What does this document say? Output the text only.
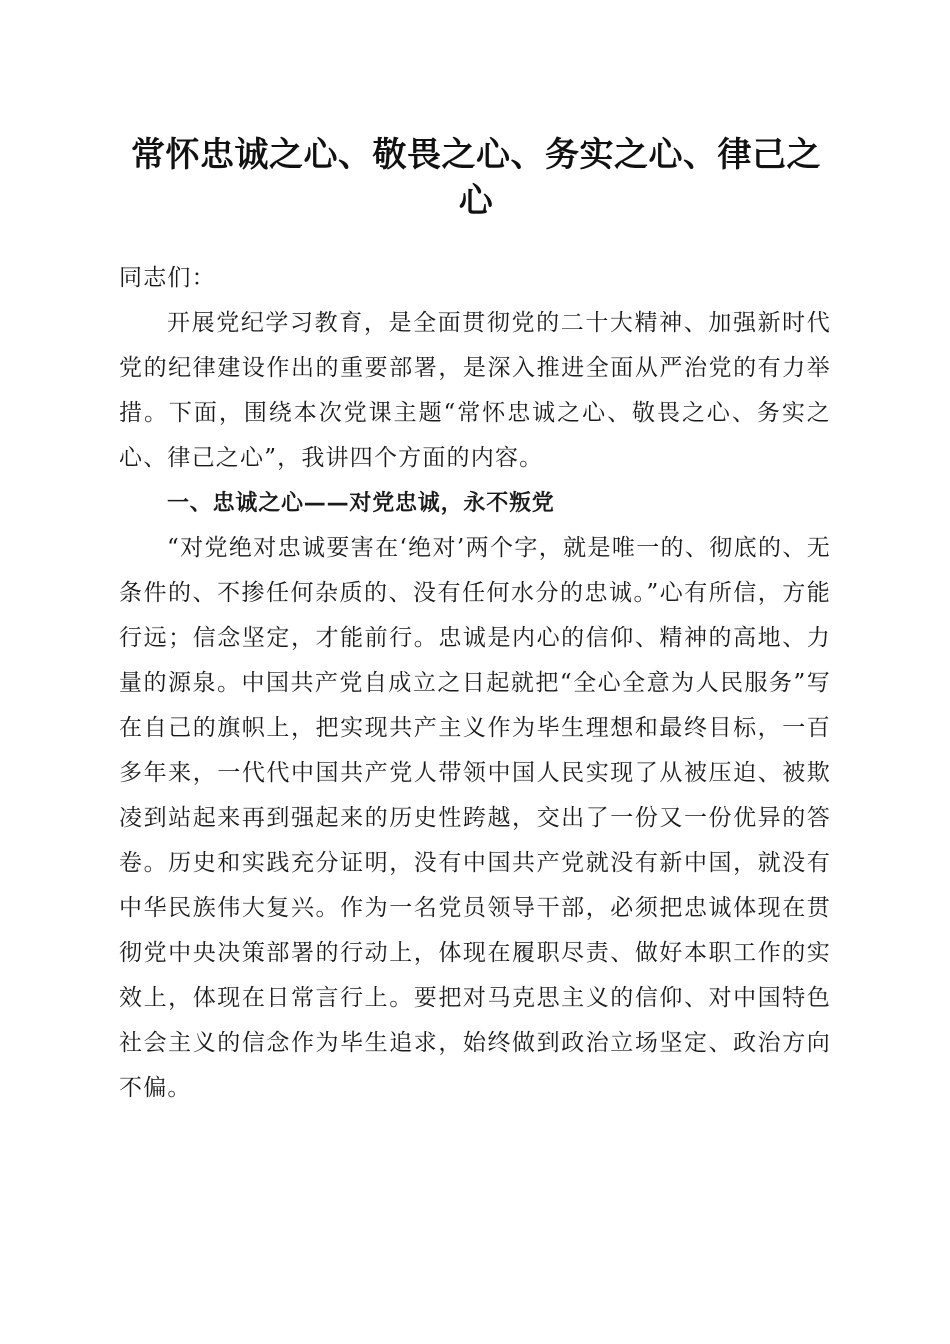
常怀忠诚之心、敬畏之心、务实之心、律己之心

同志们：

开展党纪学习教育，是全面贯彻党的二十大精神、加强新时代党的纪律建设作出的重要部署，是深入推进全面从严治党的有力举措。下面，围绕本次党课主题“常怀忠诚之心、敬畏之心、务实之心、律己之心”，我讲四个方面的内容。

一、忠诚之心——对党忠诚，永不叛党

“对党绝对忠诚要害在‘绝对’两个字，就是唯一的、彻底的、无条件的、不掺任何杂质的、没有任何水分的忠诚。”心有所信，方能行远；信念坚定，才能前行。忠诚是内心的信仰、精神的高地、力量的源泉。中国共产党自成立之日起就把“全心全意为人民服务”写在自己的旗帜上，把实现共产主义作为毕生理想和最终目标，一百多年来，一代代中国共产党人带领中国人民实现了从被压迫、被欺凌到站起来再到强起来的历史性跨越，交出了一份又一份优异的答卷。历史和实践充分证明，没有中国共产党就没有新中国，就没有中华民族伟大复兴。作为一名党员领导干部，必须把忠诚体现在贯彻党中央决策部署的行动上，体现在履职尽责、做好本职工作的实效上，体现在日常言行上。要把对马克思主义的信仰、对中国特色社会主义的信念作为毕生追求，始终做到政治立场坚定、政治方向不偏。
